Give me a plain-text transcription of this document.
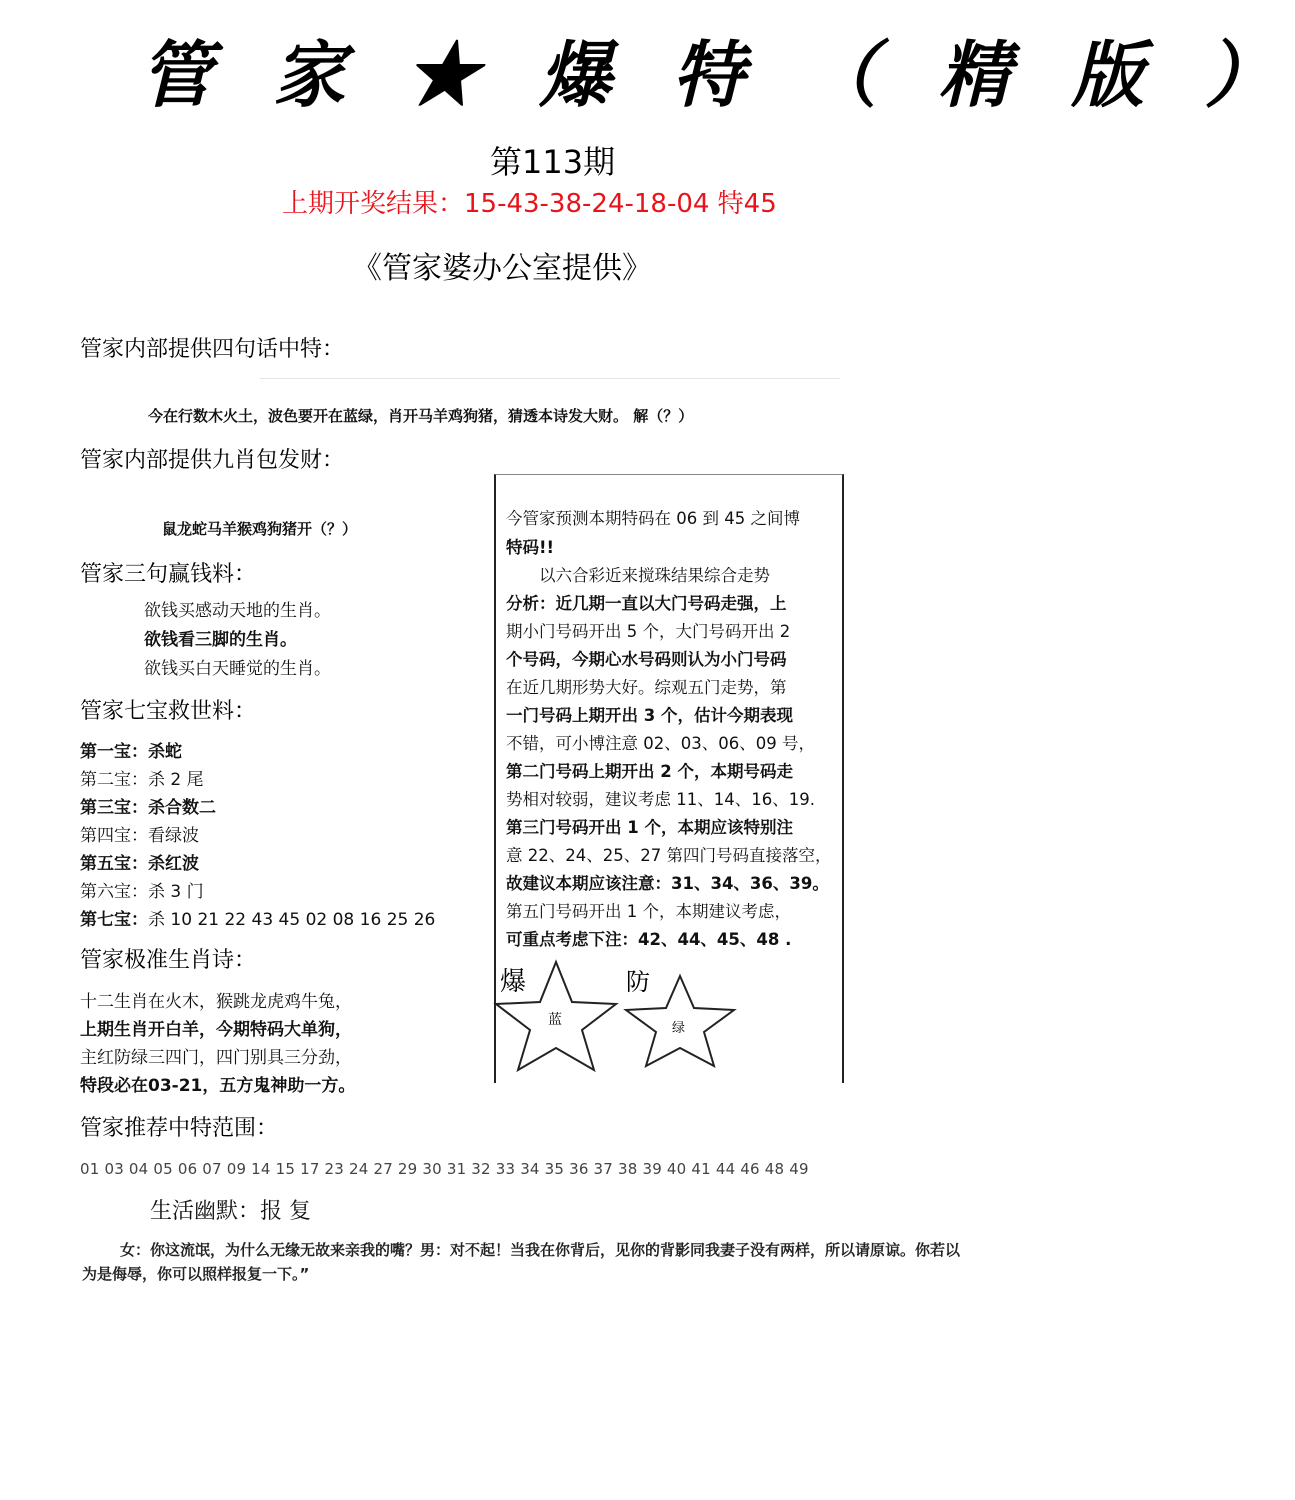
管 家 ★ 爆 特 （ 精 版 ）
第113期
上期开奖结果：15-43-38-24-18-04 特45
《管家婆办公室提供》
管家内部提供四句话中特：
今在行数木火土，波色要开在蓝绿，肖开马羊鸡狗猪，猜透本诗发大财。 解（？）
管家内部提供九肖包发财：
鼠龙蛇马羊猴鸡狗猪开（？）
管家三句赢钱料：
欲钱买感动天地的生肖。
欲钱看三脚的生肖。
欲钱买白天睡觉的生肖。
管家七宝救世料：
第一宝：杀蛇
第二宝：杀 2 尾
第三宝：杀合数二
第四宝：看绿波
第五宝：杀红波
第六宝：杀 3 门
第七宝：杀 10 21 22 43 45 02 08 16 25 26
管家极准生肖诗：
十二生肖在火木，猴跳龙虎鸡牛兔，
上期生肖开白羊，今期特码大单狗，
主红防绿三四门，四门别具三分劲，
特段必在03-21，五方鬼神助一方。
今管家预测本期特码在 06 到 45 之间博
特码!!
　　以六合彩近来搅珠结果综合走势
分析：近几期一直以大门号码走强，上
期小门号码开出 5 个，大门号码开出 2
个号码，今期心水号码则认为小门号码
在近几期形势大好。综观五门走势，第
一门号码上期开出 3 个，估计今期表现
不错，可小博注意 02、03、06、09 号，
第二门号码上期开出 2 个，本期号码走
势相对较弱，建议考虑 11、14、16、19.
第三门号码开出 1 个，本期应该特别注
意 22、24、25、27 第四门号码直接落空，
故建议本期应该注意：31、34、36、39。
第五门号码开出 1 个，本期建议考虑，
可重点考虑下注：42、44、45、48 .
爆
蓝
防
绿
管家推荐中特范围：
01 03 04 05 06 07 09 14 15 17 23 24 27 29 30 31 32 33 34 35 36 37 38 39 40 41 44 46 48 49
生活幽默：报 复
女：你这流氓，为什么无缘无故来亲我的嘴？男：对不起！当我在你背后，见你的背影同我妻子没有两样，所以请原谅。你若以为是侮辱，你可以照样报复一下。”
